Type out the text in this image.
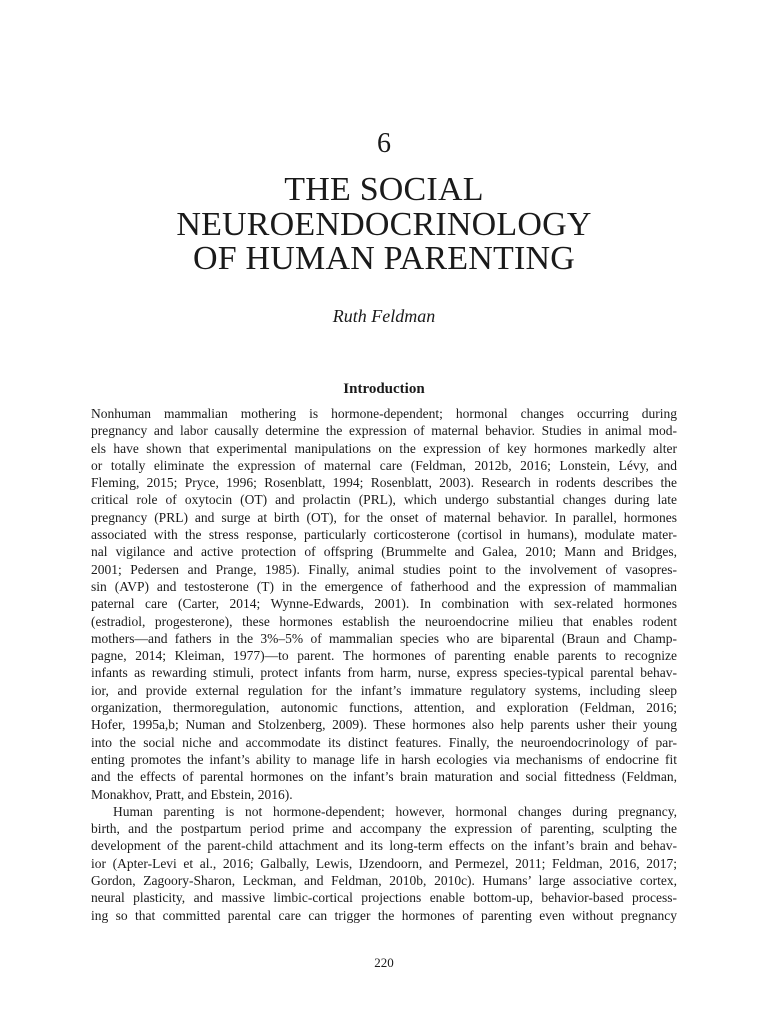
6
THE SOCIAL
NEUROENDOCRINOLOGY
OF HUMAN PARENTING
Ruth Feldman
Introduction
Nonhuman mammalian mothering is hormone-dependent; hormonal changes occurring during
pregnancy and labor causally determine the expression of maternal behavior. Studies in animal mod-
els have shown that experimental manipulations on the expression of key hormones markedly alter
or totally eliminate the expression of maternal care (Feldman, 2012b, 2016; Lonstein, Lévy, and
Fleming, 2015; Pryce, 1996; Rosenblatt, 1994; Rosenblatt, 2003). Research in rodents describes the
critical role of oxytocin (OT) and prolactin (PRL), which undergo substantial changes during late
pregnancy (PRL) and surge at birth (OT), for the onset of maternal behavior. In parallel, hormones
associated with the stress response, particularly corticosterone (cortisol in humans), modulate mater-
nal vigilance and active protection of offspring (Brummelte and Galea, 2010; Mann and Bridges,
2001; Pedersen and Prange, 1985). Finally, animal studies point to the involvement of vasopres-
sin (AVP) and testosterone (T) in the emergence of fatherhood and the expression of mammalian
paternal care (Carter, 2014; Wynne-Edwards, 2001). In combination with sex-related hormones
(estradiol, progesterone), these hormones establish the neuroendocrine milieu that enables rodent
mothers—and fathers in the 3%–5% of mammalian species who are biparental (Braun and Champ-
pagne, 2014; Kleiman, 1977)—to parent. The hormones of parenting enable parents to recognize
infants as rewarding stimuli, protect infants from harm, nurse, express species-typical parental behav-
ior, and provide external regulation for the infant’s immature regulatory systems, including sleep
organization, thermoregulation, autonomic functions, attention, and exploration (Feldman, 2016;
Hofer, 1995a,b; Numan and Stolzenberg, 2009). These hormones also help parents usher their young
into the social niche and accommodate its distinct features. Finally, the neuroendocrinology of par-
enting promotes the infant’s ability to manage life in harsh ecologies via mechanisms of endocrine fit
and the effects of parental hormones on the infant’s brain maturation and social fittedness (Feldman,
Monakhov, Pratt, and Ebstein, 2016).
Human parenting is not hormone-dependent; however, hormonal changes during pregnancy,
birth, and the postpartum period prime and accompany the expression of parenting, sculpting the
development of the parent-child attachment and its long-term effects on the infant’s brain and behav-
ior (Apter-Levi et al., 2016; Galbally, Lewis, IJzendoorn, and Permezel, 2011; Feldman, 2016, 2017;
Gordon, Zagoory-Sharon, Leckman, and Feldman, 2010b, 2010c). Humans’ large associative cortex,
neural plasticity, and massive limbic-cortical projections enable bottom-up, behavior-based process-
ing so that committed parental care can trigger the hormones of parenting even without pregnancy
220
